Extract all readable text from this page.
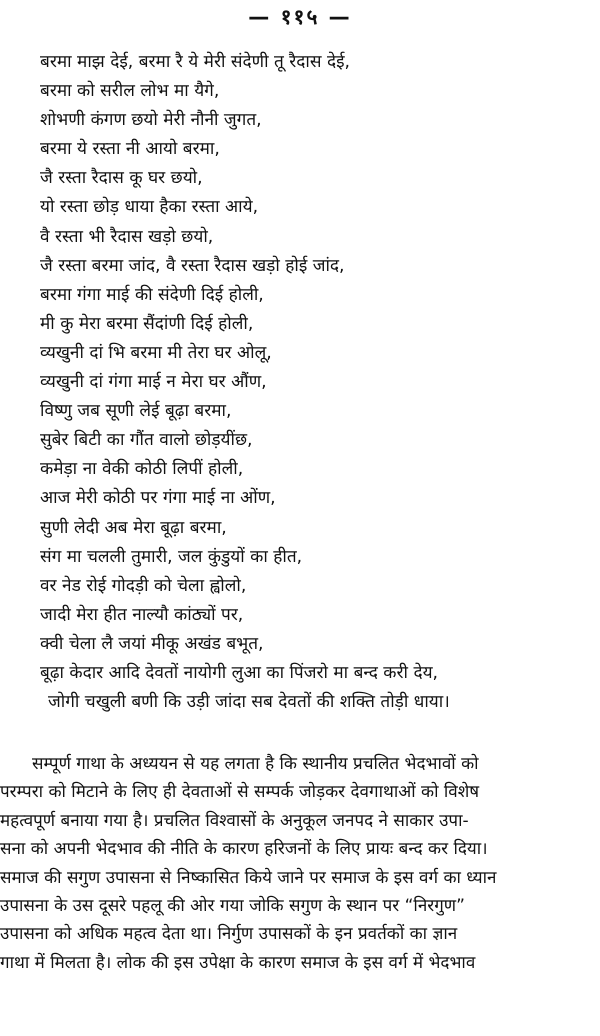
— ११५ —
बरमा माझ देई, बरमा रै ये मेरी संदेणी तू रैदास देई,
बरमा को सरील लोभ मा यैगे,
शोभणी कंगण छयो मेरी नौनी जुगत,
बरमा ये रस्ता नी आयो बरमा,
जै रस्ता रैदास कू घर छयो,
यो रस्ता छोड़ धाया हैका रस्ता आये,
वै रस्ता भी रैदास खड़ो छयो,
जै रस्ता बरमा जांद, वै रस्ता रैदास खड़ो होई जांद,
बरमा गंगा माई की संदेणी दिई होली,
मी कु मेरा बरमा सैंदांणी दिई होली,
व्यखुनी दां भि बरमा मी तेरा घर ओलू,
व्यखुनी दां गंगा माई न मेरा घर औंण,
विष्णु जब सूणी लेई बूढ़ा बरमा,
सुबेर बिटी का गौंत वालो छोड़यींछ,
कमेड़ा ना वेकी कोठी लिपीं होली,
आज मेरी कोठी पर गंगा माई ना ओंण,
सुणी लेदी अब मेरा बूढ़ा बरमा,
संग मा चलली तुमारी, जल कुंडुयों का हीत,
वर नेड रोई गोदड़ी को चेला ह्वोलो,
जादी मेरा हीत नाल्यौ कांठ्यों पर,
क्वी चेला लै जयां मीकू अखंड बभूत,
बूढ़ा केदार आदि देवतों नायोगी लुआ का पिंजरो मा बन्द करी देय,
जोगी चखुली बणी कि उड़ी जांदा सब देवतों की शक्ति तोड़ी धाया।
सम्पूर्ण गाथा के अध्ययन से यह लगता है कि स्थानीय प्रचलित भेदभावों को
परम्परा को मिटाने के लिए ही देवताओं से सम्पर्क जोड़कर देवगाथाओं को विशेष
महत्वपूर्ण बनाया गया है। प्रचलित विश्वासों के अनुकूल जनपद ने साकार उपा-
सना को अपनी भेदभाव की नीति के कारण हरिजनों के लिए प्रायः बन्द कर दिया।
समाज की सगुण उपासना से निष्कासित किये जाने पर समाज के इस वर्ग का ध्यान
उपासना के उस दूसरे पहलू की ओर गया जोकि सगुण के स्थान पर “निरगुण”
उपासना को अधिक महत्व देता था। निर्गुण उपासकों के इन प्रवर्तकों का ज्ञान
गाथा में मिलता है। लोक की इस उपेक्षा के कारण समाज के इस वर्ग में भेदभाव
